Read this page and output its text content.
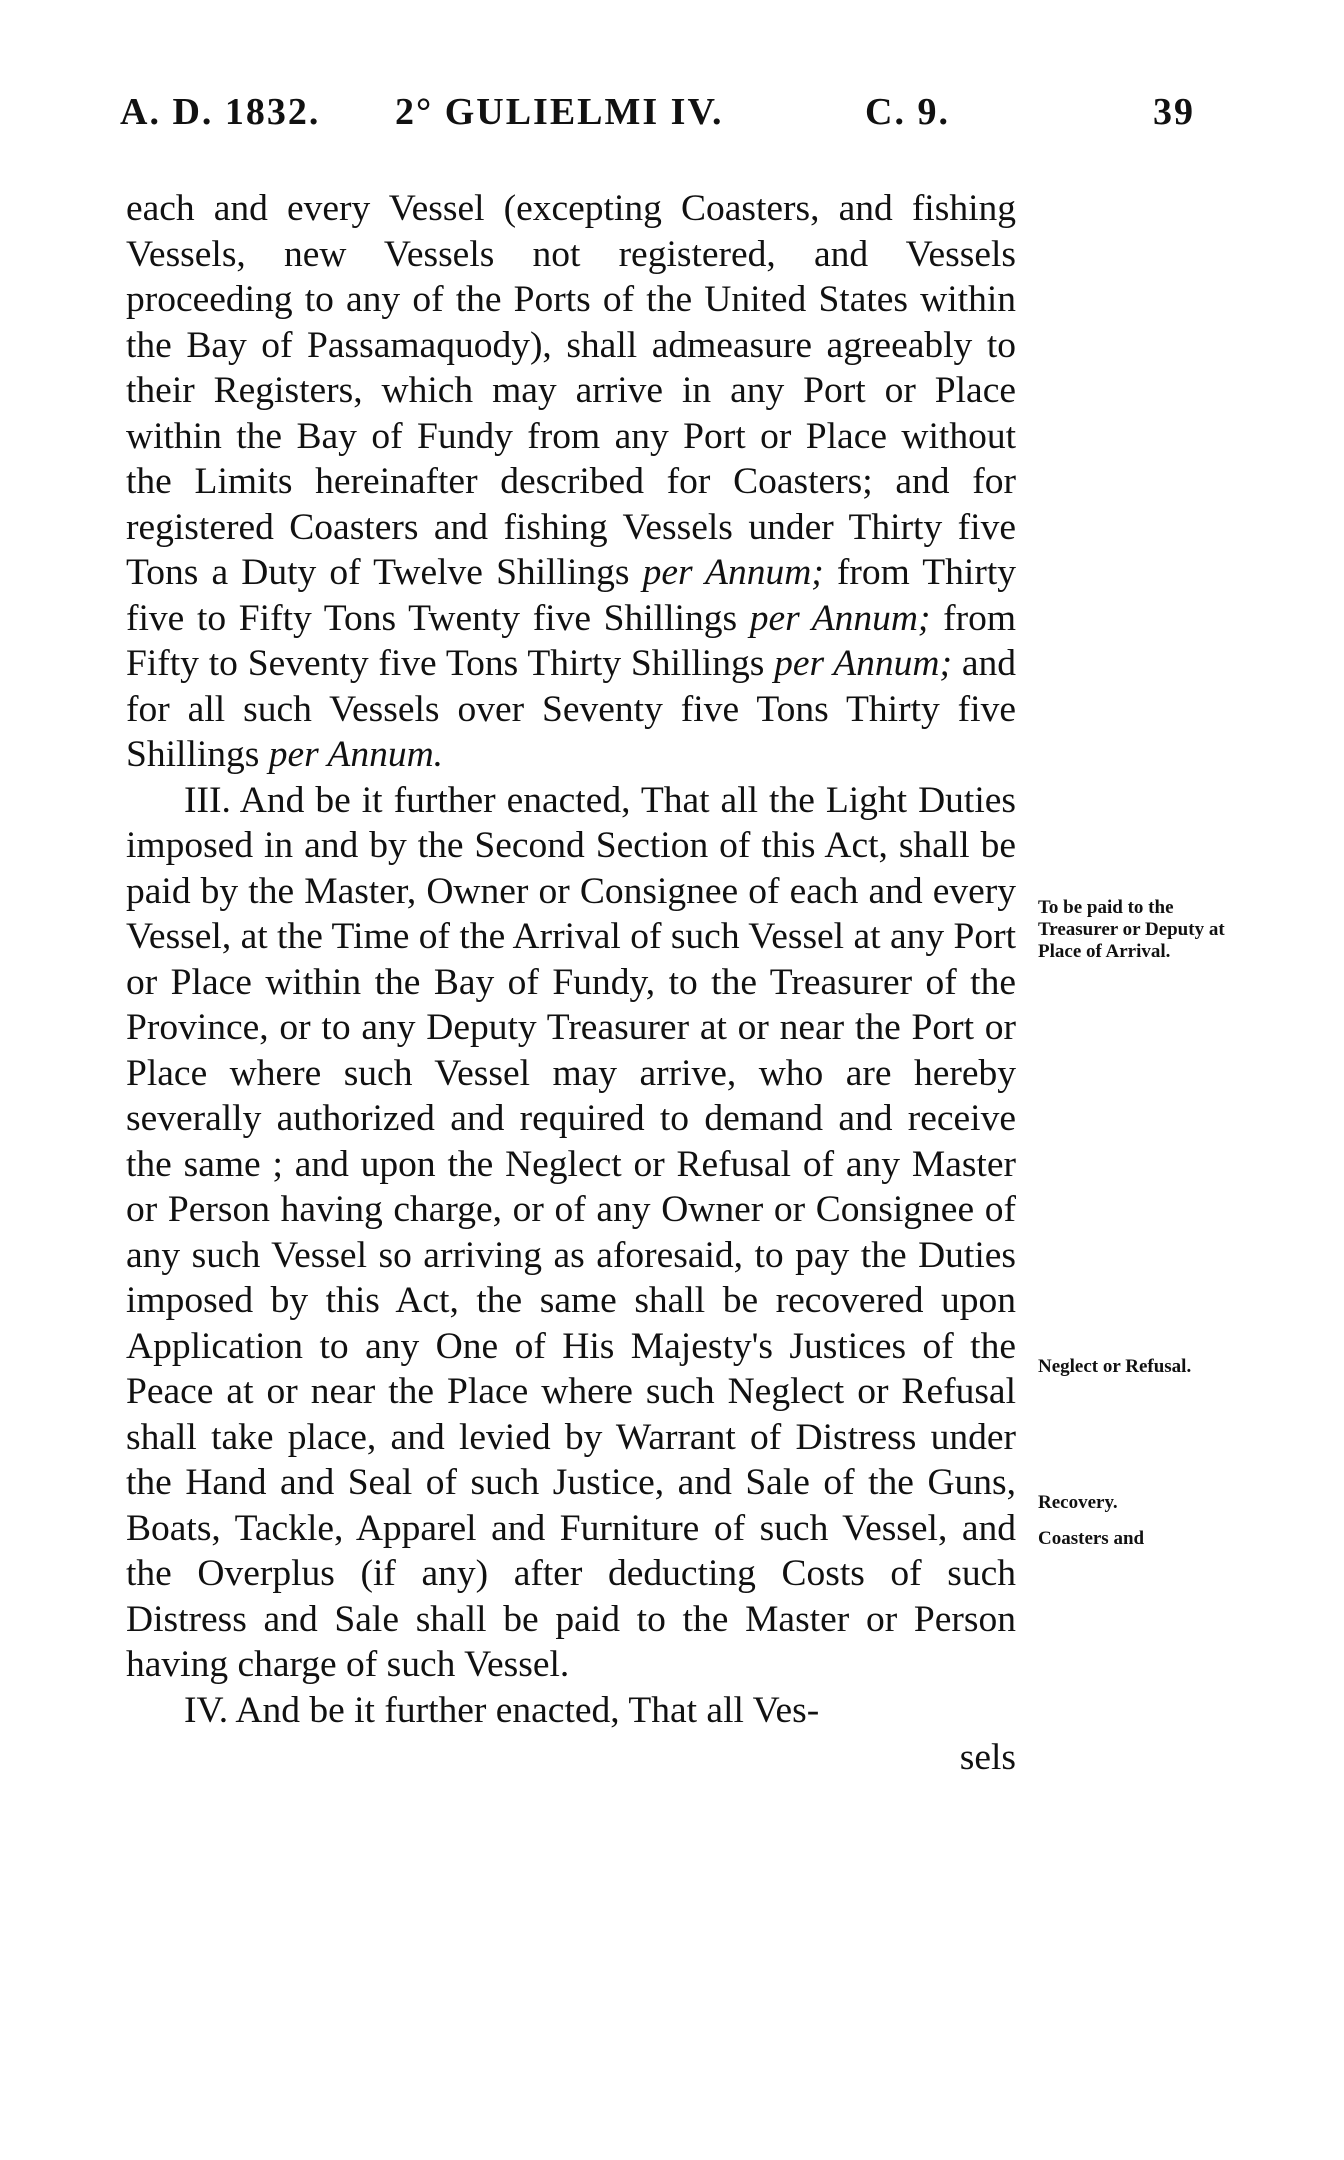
A. D. 1832. 2° GULIELMI IV.	C. 9.	39

each and every Vessel (excepting Coasters, and fishing Vessels, new Vessels not registered, and Vessels proceeding to any of the Ports of the United States within the Bay of Passamaquody), shall admeasure agreeably to their Registers, which may arrive in any Port or Place within the Bay of Fundy from any Port or Place without the Limits hereinafter described for Coasters; and for registered Coasters and fishing Vessels under Thirty five Tons a Duty of Twelve Shillings per Annum; from Thirty five to Fifty Tons Twenty five Shillings per Annum; from Fifty to Seventy five Tons Thirty Shillings per Annum; and for all such Vessels over Seventy five Tons Thirty five Shillings per Annum.

III. And be it further enacted, That all the Light Duties imposed in and by the Second Section of this Act, shall be paid by the Master, Owner or Consignee of each and every Vessel, at the Time of the Arrival of such Vessel at any Port or Place within the Bay of Fundy, to the Treasurer of the Province, or to any Deputy Treasurer at or near the Port or Place where such Vessel may arrive, who are hereby severally authorized and required to demand and receive the same ; and upon the Neglect or Refusal of any Master or Person having charge, or of any Owner or Consignee of any such Vessel so arriving as aforesaid, to pay the Duties imposed by this Act, the same shall be recovered upon Application to any One of His Majesty's Justices of the Peace at or near the Place where such Neglect or Refusal shall take place, and levied by Warrant of Distress under the Hand and Seal of such Justice, and Sale of the Guns, Boats, Tackle, Apparel and Furniture of such Vessel, and the Overplus (if any) after deducting Costs of such Distress and Sale shall be paid to the Master or Person having charge of such Vessel.

IV. And be it further enacted, That all Ves-

sels

To be paid to the Treasurer or Deputy at Place of Arrival.
Neglect or Refusal.
Recovery.
Coasters and
